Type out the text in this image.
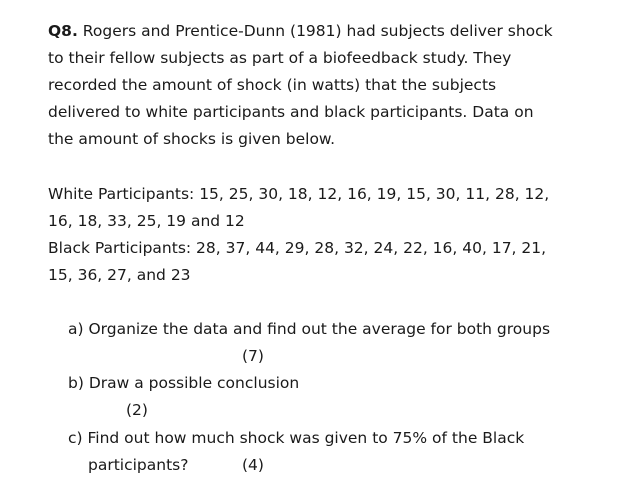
Q8. Rogers and Prentice-Dunn (1981) had subjects deliver shock
to their fellow subjects as part of a biofeedback study. They
recorded the amount of shock (in watts) that the subjects
delivered to white participants and black participants. Data on
the amount of shocks is given below.
White Participants: 15, 25, 30, 18, 12, 16, 19, 15, 30, 11, 28, 12,
16, 18, 33, 25, 19 and 12
Black Participants: 28, 37, 44, 29, 28, 32, 24, 22, 16, 40, 17, 21,
15, 36, 27, and 23
a) Organize the data and find out the average for both groups
(7)
b) Draw a possible conclusion
(2)
c) Find out how much shock was given to 75% of the Black
participants?	(4)
